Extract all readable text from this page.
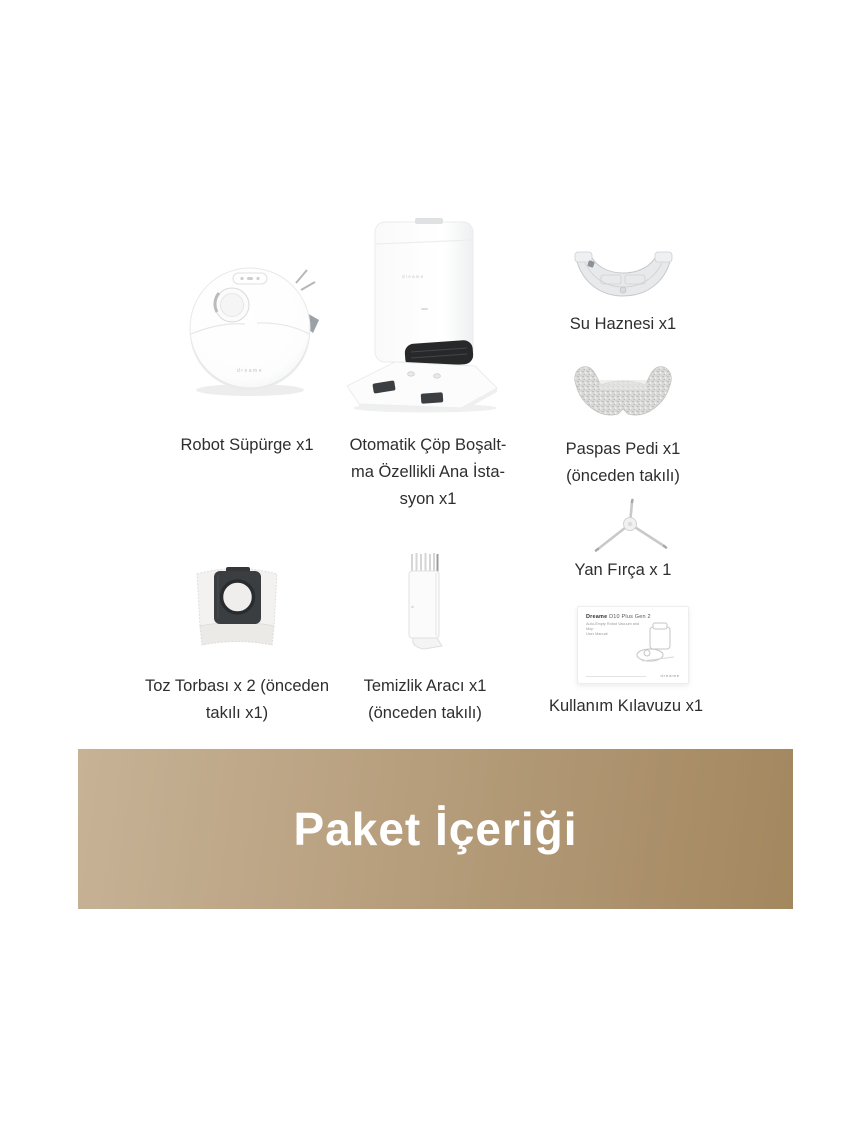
dreame
dreame
Dreame D10 Plus Gen 2
Auto-Empty Robot Vacuum and Mop
User Manual
dreame
Robot Süpürge x1	Otomatik Çöp Boşalt-
ma Özellikli Ana İsta-
syon x1
Su Haznesi x1
Paspas Pedi x1
(önceden takılı)
Yan Fırça x 1
Toz Torbası x 2 (önceden
takılı x1)
Temizlik Aracı x1
(önceden takılı)	Kullanım Kılavuzu x1
Paket İçeriği
